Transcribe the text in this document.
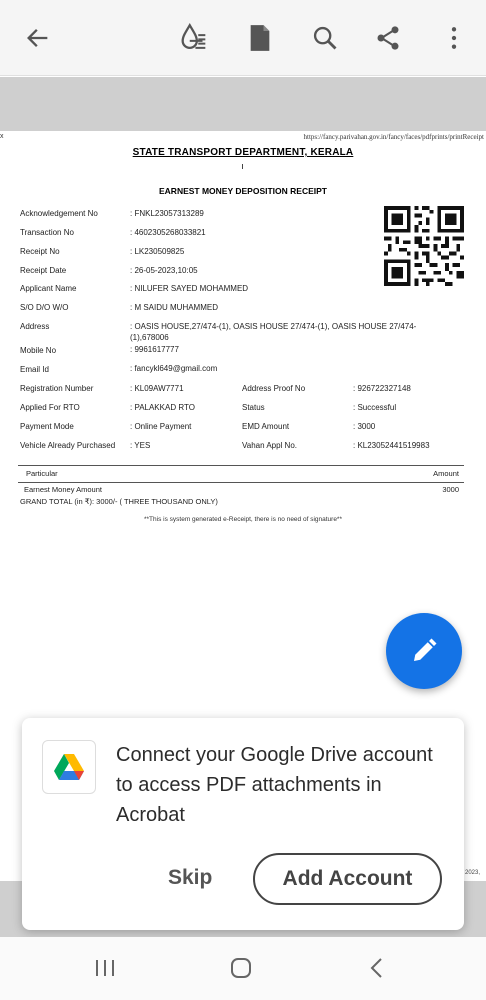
x	https://fancy.parivahan.gov.in/fancy/faces/pdfprints/printReceipt
STATE TRANSPORT DEPARTMENT, KERALA
EARNEST MONEY DEPOSITION RECEIPT
Acknowledgement No	: FNKL23057313289
Transaction No	: 4602305268033821
Receipt No	: LK230509825
Receipt Date	: 26-05-2023,10:05
Applicant Name	: NILUFER SAYED MOHAMMED
S/O D/O W/O	: M SAIDU MUHAMMED
Address	: OASIS HOUSE,27/474-(1), OASIS HOUSE 27/474-(1), OASIS HOUSE 27/474-
(1),678006
Mobile No	: 9961617777
Email Id	: fancykl649@gmail.com
Registration Number	: KL09AW7771	Address Proof No	: 926722327148
Applied For RTO	: PALAKKAD RTO	Status	: Successful
Payment Mode	: Online Payment	EMD Amount	: 3000
Vehicle Already Purchased : YES	Vahan Appl No.	: KL23052441519983
Particular	Amount
Earnest Money Amount	3000
GRAND TOTAL (in ₹): 3000/- ( THREE THOUSAND ONLY)
**This is system generated e-Receipt, there is no need of signature**
2023,
Connect your Google Drive account to access PDF attachments in Acrobat
Skip	Add Account
